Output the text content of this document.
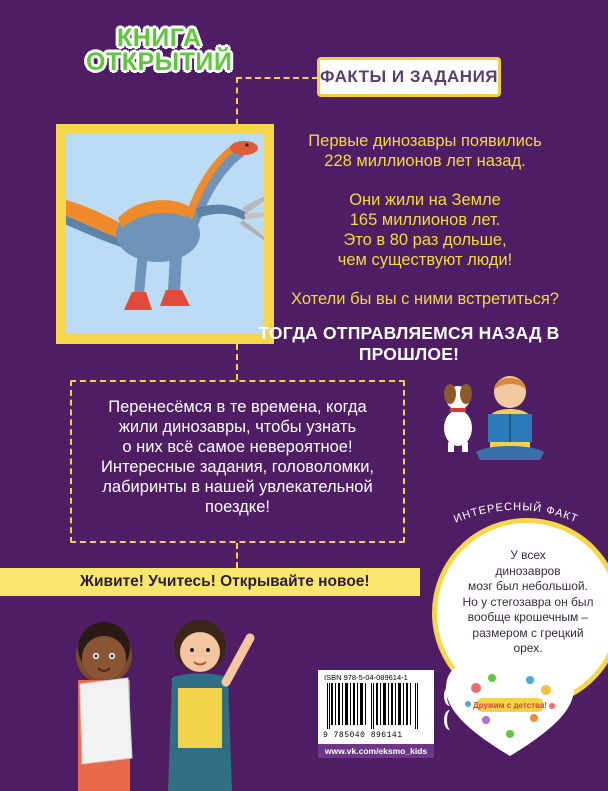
КНИГА
ОТКРЫТИЙ
ФАКТЫ И ЗАДАНИЯ
Первые динозавры появились
228 миллионов лет назад.
Они жили на Земле
165 миллионов лет.
Это в 80 раз дольше,
чем существуют люди!
Хотели бы вы с ними встретиться?
ТОГДА ОТПРАВЛЯЕМСЯ НАЗАД В ПРОШЛОЕ!
Перенесёмся в те времена, когда
жили динозавры, чтобы узнать
о них всё самое невероятное!
Интересные задания, головоломки,
лабиринты в нашей увлекательной
поездке!
Живите! Учитесь! Открывайте новое!
ИНТЕРЕСНЫЙ ФАКТ
У всех
динозавров
мозг был небольшой.
Но у стегозавра он был
вообще крошечным –
размером с грецкий
орех.
ISBN 978-5-04-089614-1
9 785040 896141
www.vk.com/eksmo_kids
Дружим с детства!
